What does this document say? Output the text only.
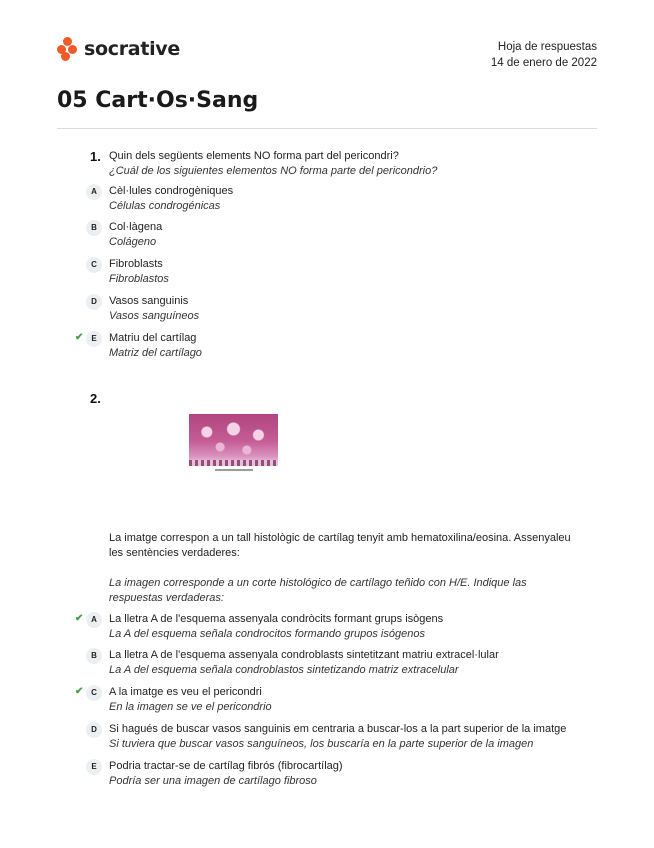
socrative	Hoja de respuestas
14 de enero de 2022
05 Cart·Os·Sang
1. Quin dels següents elements NO forma part del pericondri?
¿Cuál de los siguientes elementos NO forma parte del pericondrio?
A	Cèl·lules condrogèniques
Células condrogénicas
B	Col·làgena
Colágeno
C	Fibroblasts
Fibroblastos
D	Vasos sanguinis
Vasos sanguíneos
✔ E	Matriu del cartílag
Matriz del cartílago
2.
La imatge correspon a un tall histològic de cartílag tenyit amb hematoxilina/eosina. Assenyaleu
les sentències verdaderes:
La imagen corresponde a un corte histológico de cartílago teñido con H/E. Indique las
respuestas verdaderas:
✔ A	La lletra A de l'esquema assenyala condròcits formant grups isògens
La A del esquema señala condrocitos formando grupos isógenos
B	La lletra A de l'esquema assenyala condroblasts sintetitzant matriu extracel·lular
La A del esquema señala condroblastos sintetizando matriz extracelular
✔ C	A la imatge es veu el pericondri
En la imagen se ve el pericondrio
D	Si hagués de buscar vasos sanguinis em centraria a buscar-los a la part superior de la imatge
Si tuviera que buscar vasos sanguíneos, los buscaría en la parte superior de la imagen
E	Podria tractar-se de cartílag fibrós (fibrocartílag)
Podría ser una imagen de cartílago fibroso
